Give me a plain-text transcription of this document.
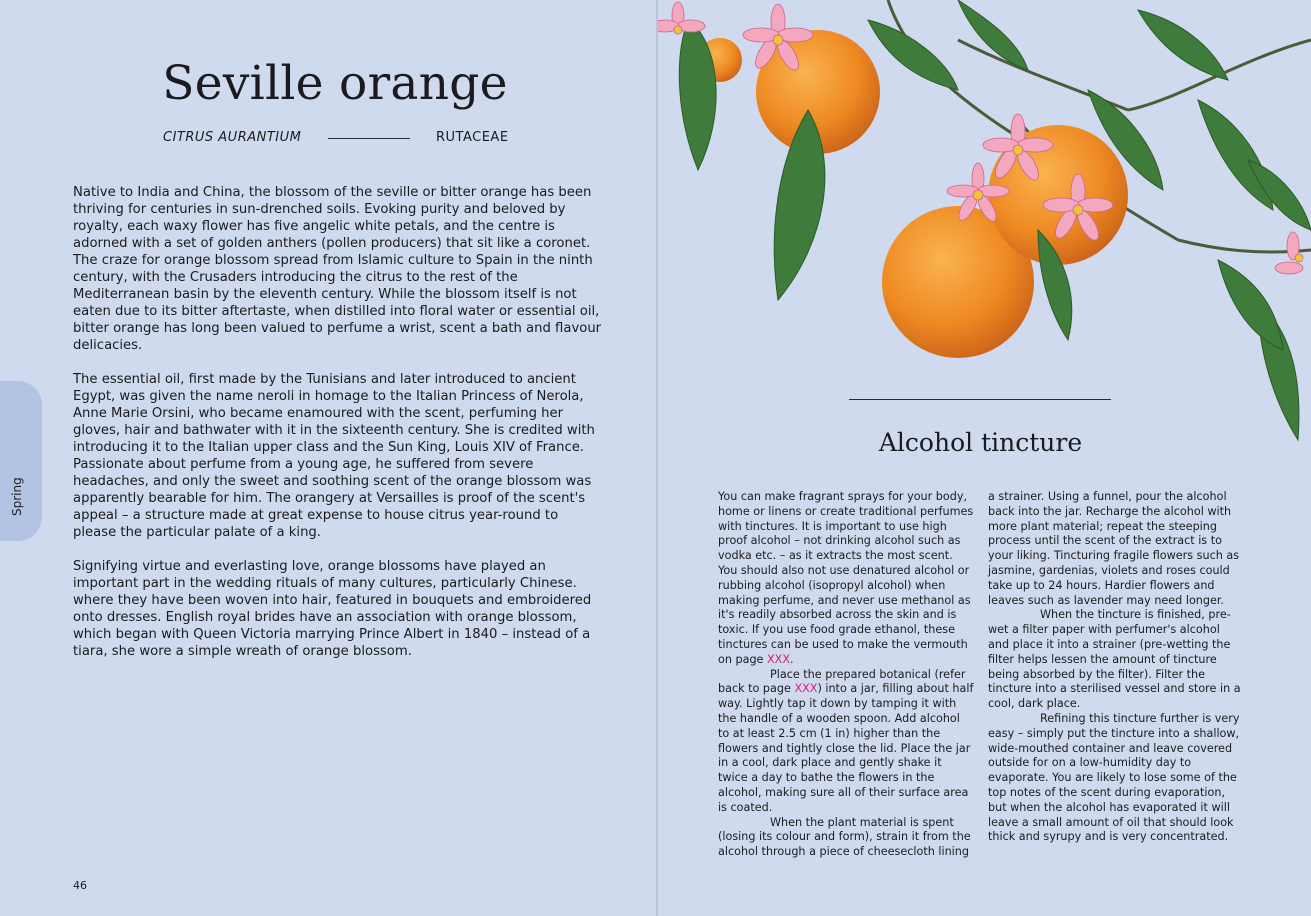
Seville orange
CITRUS AURANTIUM	RUTACEAE

Native to India and China, the blossom of the seville or bitter orange has been thriving for centuries in sun-drenched soils. Evoking purity and beloved by royalty, each waxy flower has five angelic white petals, and the centre is adorned with a set of golden anthers (pollen producers) that sit like a coronet. The craze for orange blossom spread from Islamic culture to Spain in the ninth century, with the Crusaders introducing the citrus to the rest of the Mediterranean basin by the eleventh century. While the blossom itself is not eaten due to its bitter aftertaste, when distilled into floral water or essential oil, bitter orange has long been valued to perfume a wrist, scent a bath and flavour delicacies.

The essential oil, first made by the Tunisians and later introduced to ancient Egypt, was given the name neroli in homage to the Italian Princess of Nerola, Anne Marie Orsini, who became enamoured with the scent, perfuming her gloves, hair and bathwater with it in the sixteenth century. She is credited with introducing it to the Italian upper class and the Sun King, Louis XIV of France. Passionate about perfume from a young age, he suffered from severe headaches, and only the sweet and soothing scent of the orange blossom was apparently bearable for him. The orangery at Versailles is proof of the scent's appeal – a structure made at great expense to house citrus year-round to please the particular palate of a king.

Signifying virtue and everlasting love, orange blossoms have played an important part in the wedding rituals of many cultures, particularly Chinese. where they have been woven into hair, featured in bouquets and embroidered onto dresses. English royal brides have an association with orange blossom, which began with Queen Victoria marrying Prince Albert in 1840 – instead of a tiara, she wore a simple wreath of orange blossom.

Spring
46
Alcohol tincture

You can make fragrant sprays for your body, home or linens or create traditional perfumes with tinctures. It is important to use high proof alcohol – not drinking alcohol such as vodka etc. – as it extracts the most scent. You should also not use denatured alcohol or rubbing alcohol (isopropyl alcohol) when making perfume, and never use methanol as it's readily absorbed across the skin and is toxic. If you use food grade ethanol, these tinctures can be used to make the vermouth on page XXX.

Place the prepared botanical (refer back to page XXX) into a jar, filling about half way. Lightly tap it down by tamping it with the handle of a wooden spoon. Add alcohol to at least 2.5 cm (1 in) higher than the flowers and tightly close the lid. Place the jar in a cool, dark place and gently shake it twice a day to bathe the flowers in the alcohol, making sure all of their surface area is coated.

When the plant material is spent (losing its colour and form), strain it from the alcohol through a piece of cheesecloth lining

a strainer. Using a funnel, pour the alcohol back into the jar. Recharge the alcohol with more plant material; repeat the steeping process until the scent of the extract is to your liking. Tincturing fragile flowers such as jasmine, gardenias, violets and roses could take up to 24 hours. Hardier flowers and leaves such as lavender may need longer.

When the tincture is finished, pre-wet a filter paper with perfumer's alcohol and place it into a strainer (pre-wetting the filter helps lessen the amount of tincture being absorbed by the filter). Filter the tincture into a sterilised vessel and store in a cool, dark place.

Refining this tincture further is very easy – simply put the tincture into a shallow, wide-mouthed container and leave covered outside for on a low-humidity day to evaporate. You are likely to lose some of the top notes of the scent during evaporation, but when the alcohol has evaporated it will leave a small amount of oil that should look thick and syrupy and is very concentrated.
